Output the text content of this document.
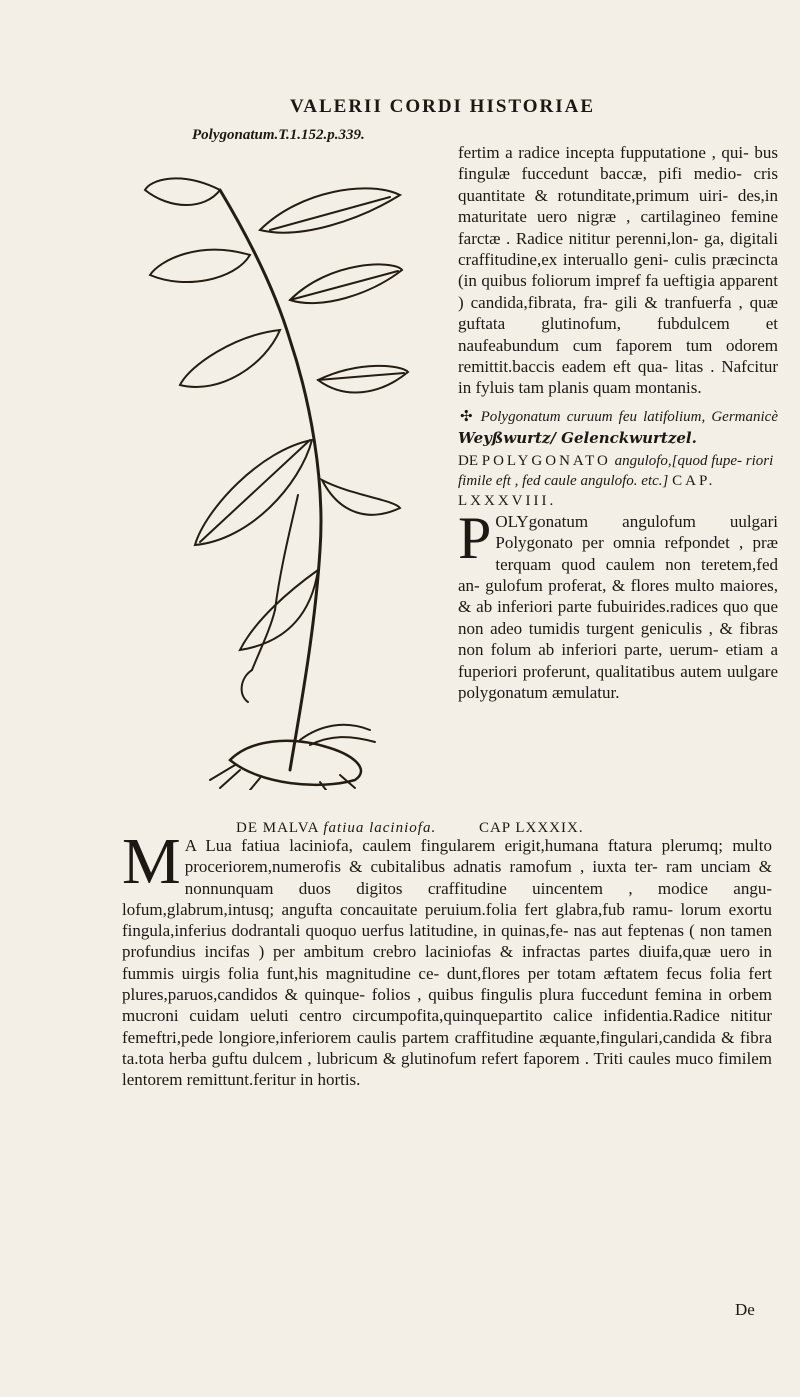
VALERII CORDI HISTORIAE
Polygonatum.T.1.152.p.339.

fertim a radice incepta fupputatione , qui- bus fingulæ fuccedunt baccæ, pifi medio- cris quantitate & rotunditate,primum uiri- des,in maturitate uero nigræ , cartilagineo femine farctæ . Radice nititur perenni,lon- ga, digitali craffitudine,ex interuallo geni- culis præcincta (in quibus foliorum impref fa ueftigia apparent ) candida,fibrata, fra- gili & tranfuerfa , quæ guftata glutinofum, fubdulcem et naufeabundum cum faporem tum odorem remittit.baccis eadem eft qua- litas . Nafcitur in fyluis tam planis quam montanis.

✣ Polygonatum curuum feu latifolium, Germanicè Weyßwurtz/ Gelenckwurtzel.

DE POLYGONATO angulofo,[quod fupe- riori fimile eft , fed caule angulofo. etc.] CAP. LXXXVIII.

P OLYgonatum angulofum uulgari Polygonato per omnia refpondet , præ terquam quod caulem non teretem,fed an- gulofum proferat, & flores multo maiores, & ab inferiori parte fubuirides.radices quo que non adeo tumidis turgent geniculis , & fibras non folum ab inferiori parte, uerum- etiam a fuperiori proferunt, qualitatibus autem uulgare polygonatum æmulatur.

DE MALVA fatiua laciniofa.	CAP LXXXIX.
M A Lua fatiua laciniofa, caulem fingularem erigit,humana ftatura plerumq; multo proceriorem,numerofis & cubitalibus adnatis ramofum , iuxta ter- ram unciam & nonnunquam duos digitos craffitudine uincentem , modice angu- lofum,glabrum,intusq; angufta concauitate peruium.folia fert glabra,fub ramu- lorum exortu fingula,inferius dodrantali quoquo uerfus latitudine, in quinas,fe- nas aut feptenas ( non tamen profundius incifas ) per ambitum crebro laciniofas & infractas partes diuifa,quæ uero in fummis uirgis folia funt,his magnitudine ce- dunt,flores per totam æftatem fecus folia fert plures,paruos,candidos & quinque- folios , quibus fingulis plura fuccedunt femina in orbem mucroni cuidam ueluti centro circumpofita,quinquepartito calice infidentia.Radice nititur femeftri,pede longiore,inferiorem caulis partem craffitudine æquante,fingulari,candida & fibra ta.tota herba guftu dulcem , lubricum & glutinofum refert faporem . Triti caules muco fimilem lentorem remittunt.feritur in hortis.
De
